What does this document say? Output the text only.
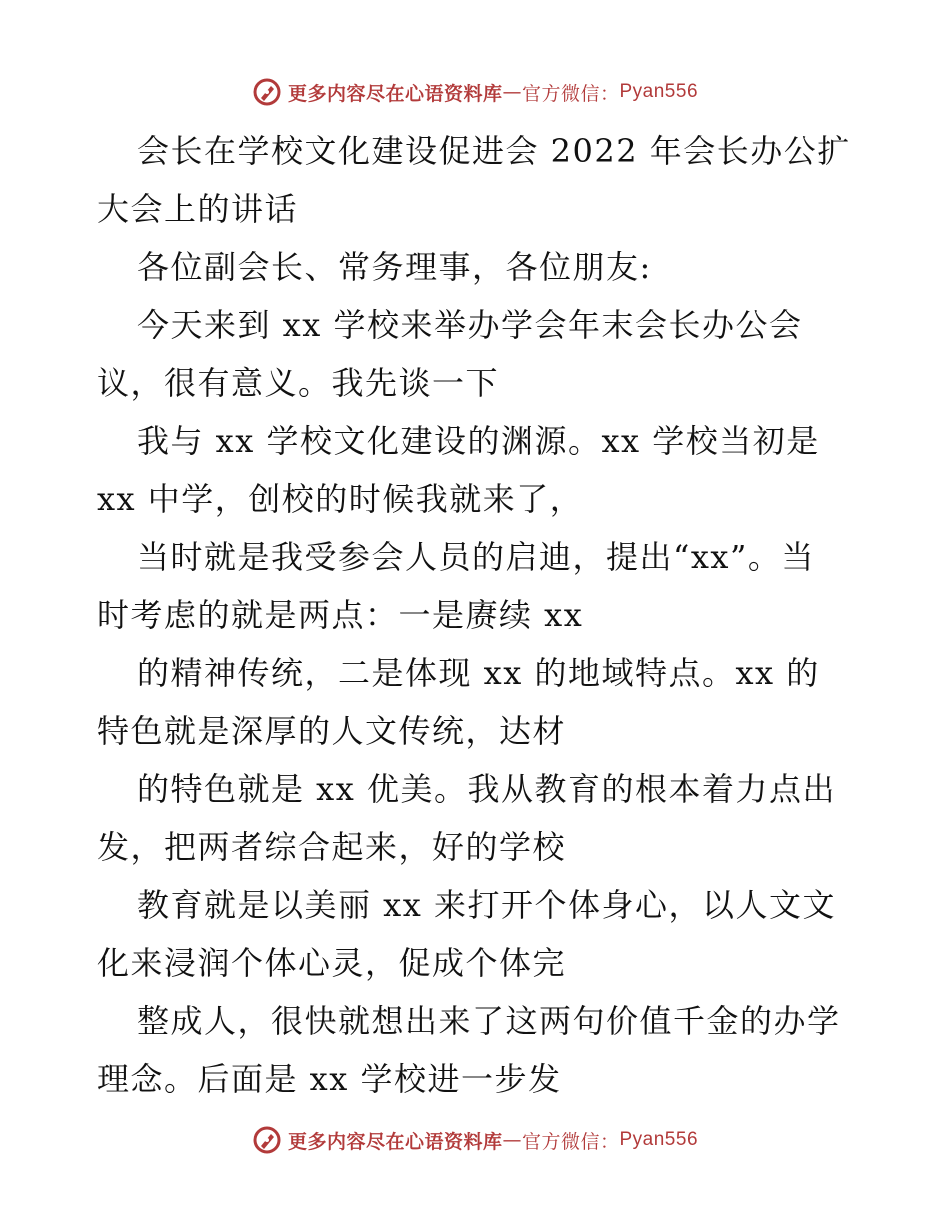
更多内容尽在心语资料库 — 官方微信： Pyan556
会长在学校文化建设促进会 2022 年会长办公扩
大会上的讲话
各位副会长、常务理事，各位朋友:
今天来到 xx 学校来举办学会年末会长办公会
议，很有意义。我先谈一下
我与 xx 学校文化建设的渊源。xx 学校当初是
xx 中学，创校的时候我就来了，
当时就是我受参会人员的启迪，提出“xx”。当
时考虑的就是两点：一是赓续 xx
的精神传统，二是体现 xx 的地域特点。xx 的
特色就是深厚的人文传统，达材
的特色就是 xx 优美。我从教育的根本着力点出
发，把两者综合起来，好的学校
教育就是以美丽 xx 来打开个体身心，以人文文
化来浸润个体心灵，促成个体完
整成人，很快就想出来了这两句价值千金的办学
理念。后面是 xx 学校进一步发
更多内容尽在心语资料库 — 官方微信： Pyan556
